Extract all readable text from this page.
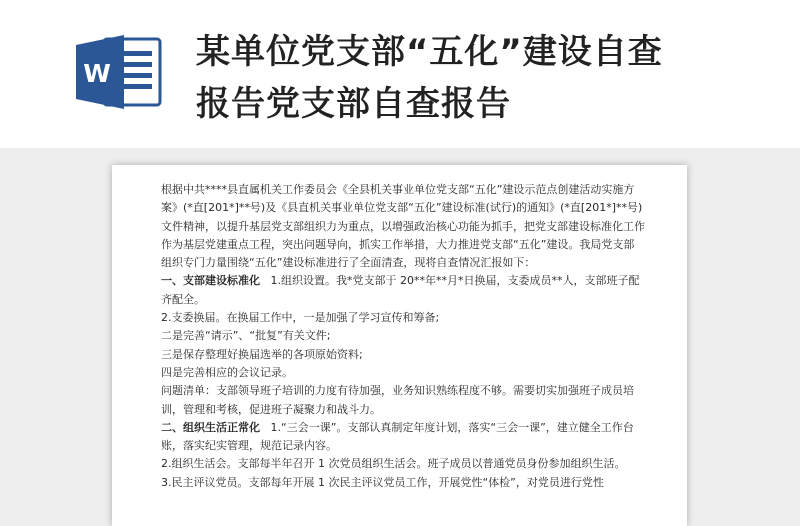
W
某单位党支部“五化”建设自查
报告党支部自查报告

根据中共****县直属机关工作委员会《全县机关事业单位党支部“五化”建设示范点创建活动实施方案》(*直[201*]**号)及《县直机关事业单位党支部“五化”建设标准(试行)的通知》(*直[201*]**号)文件精神，以提升基层党支部组织力为重点，以增强政治核心功能为抓手，把党支部建设标准化工作作为基层党建重点工程，突出问题导向，抓实工作举措，大力推进党支部“五化”建设。我局党支部组织专门力量围绕“五化”建设标准进行了全面清查，现将自查情况汇报如下：

一、支部建设标准化 1.组织设置。我*党支部于 20**年**月*日换届，支委成员**人，支部班子配齐配全。

2.支委换届。在换届工作中，一是加强了学习宣传和筹备;

二是完善“请示”、“批复”有关文件;

三是保存整理好换届选举的各项原始资料;

四是完善相应的会议记录。

问题清单：支部领导班子培训的力度有待加强，业务知识熟练程度不够。需要切实加强班子成员培训，管理和考核，促进班子凝聚力和战斗力。

二、组织生活正常化 1.“三会一课”。支部认真制定年度计划，落实“三会一课”，建立健全工作台账，落实纪实管理，规范记录内容。

2.组织生活会。支部每半年召开 1 次党员组织生活会。班子成员以普通党员身份参加组织生活。

3.民主评议党员。支部每年开展 1 次民主评议党员工作，开展党性“体检”，对党员进行党性
